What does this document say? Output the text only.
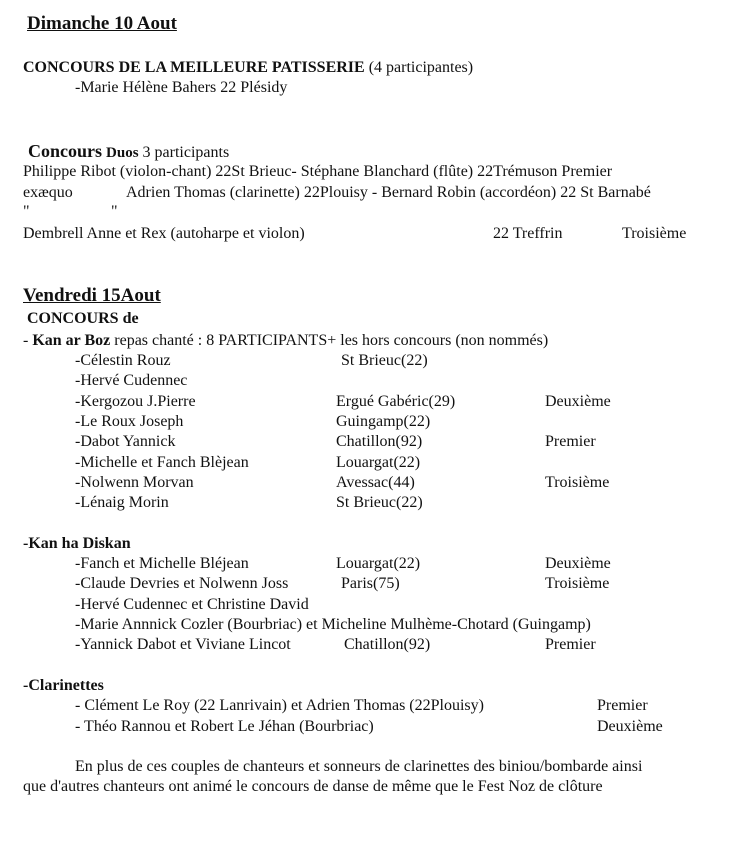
Dimanche 10 Aout
CONCOURS DE LA MEILLEURE PATISSERIE (4 participantes)
-Marie Hélène Bahers 22 Plésidy
Concours Duos 3 participants
Philippe Ribot (violon-chant) 22St Brieuc- Stéphane Blanchard (flûte) 22Trémuson Premier
exæquo	Adrien Thomas (clarinette) 22Plouisy - Bernard Robin (accordéon) 22 St Barnabé
"	"
Dembrell Anne et Rex (autoharpe et violon)	22 Treffrin	Troisième
Vendredi 15Aout
CONCOURS de
- Kan ar Boz repas chanté : 8 PARTICIPANTS+ les hors concours (non nommés)
-Célestin Rouz	St Brieuc(22)
-Hervé Cudennec
-Kergozou J.Pierre	Ergué Gabéric(29)	Deuxième
-Le Roux Joseph	Guingamp(22)
-Dabot Yannick	Chatillon(92)	Premier
-Michelle et Fanch Blèjean	Louargat(22)
-Nolwenn Morvan	Avessac(44)	Troisième
-Lénaig Morin	St Brieuc(22)
-Kan ha Diskan
-Fanch et Michelle Bléjean	Louargat(22)	Deuxième
-Claude Devries et Nolwenn Joss	Paris(75)	Troisième
-Hervé Cudennec et Christine David
-Marie Annnick Cozler (Bourbriac) et Micheline Mulhème-Chotard (Guingamp)
-Yannick Dabot et Viviane Lincot	Chatillon(92)	Premier
-Clarinettes
- Clément Le Roy (22 Lanrivain) et Adrien Thomas (22Plouisy)	Premier
- Théo Rannou et Robert Le Jéhan (Bourbriac)	Deuxième
En plus de ces couples de chanteurs et sonneurs de clarinettes des biniou/bombarde ainsi
que d'autres chanteurs ont animé le concours de danse de même que le Fest Noz de clôture
